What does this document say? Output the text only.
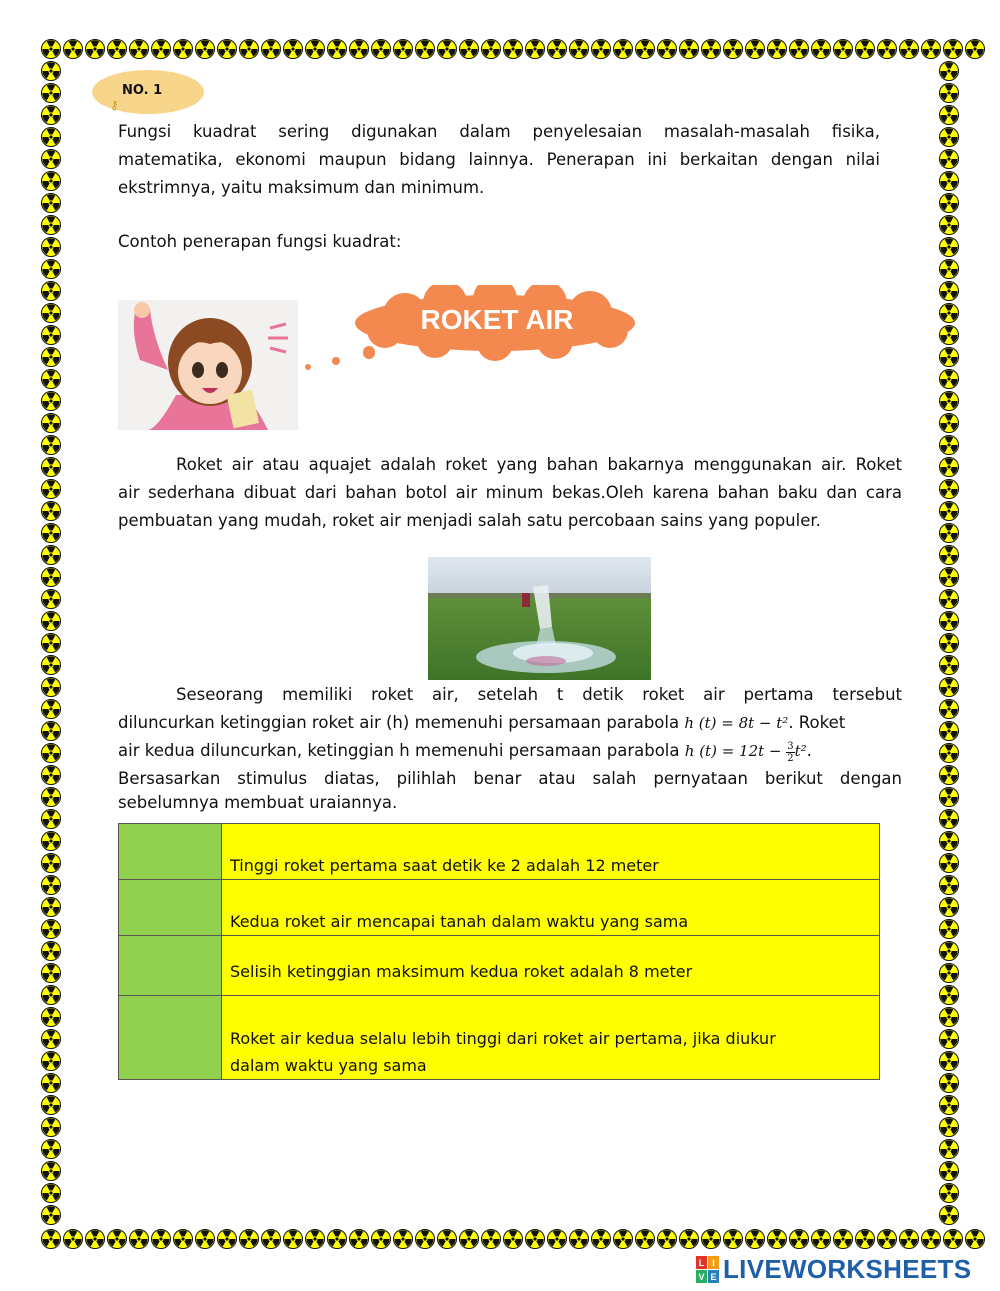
NO. 1
⚷
Fungsi kuadrat sering digunakan dalam penyelesaian masalah-masalah fisika,
matematika, ekonomi maupun bidang lainnya. Penerapan ini berkaitan dengan nilai
ekstrimnya, yaitu maksimum dan minimum.
Contoh penerapan fungsi kuadrat:
ROKET AIR
Roket air atau aquajet adalah roket yang bahan bakarnya menggunakan air. Roket
air sederhana dibuat dari bahan botol air minum bekas.Oleh karena bahan baku dan cara
pembuatan yang mudah, roket air menjadi salah satu percobaan sains yang populer.
Seseorang memiliki roket air, setelah t detik roket air pertama tersebut
diluncurkan ketinggian roket air (h) memenuhi persamaan parabola h (t) = 8t − t². Roket
air kedua diluncurkan, ketinggian h memenuhi persamaan parabola h $(t) = 12t - \frac{3}{2} t^2$.
Bersasarkan stimulus diatas, pilihlah benar atau salah pernyataan berikut dengan
sebelumnya membuat uraiannya.
	Tinggi roket pertama saat detik ke 2 adalah 12 meter
	Kedua roket air mencapai tanah dalam waktu yang sama
	Selisih ketinggian maksimum kedua roket adalah 8 meter

	Roket air kedua selalu lebih tinggi dari roket air pertama, jika diukur
dalam waktu yang sama
L I
V E LIVEWORKSHEETS
